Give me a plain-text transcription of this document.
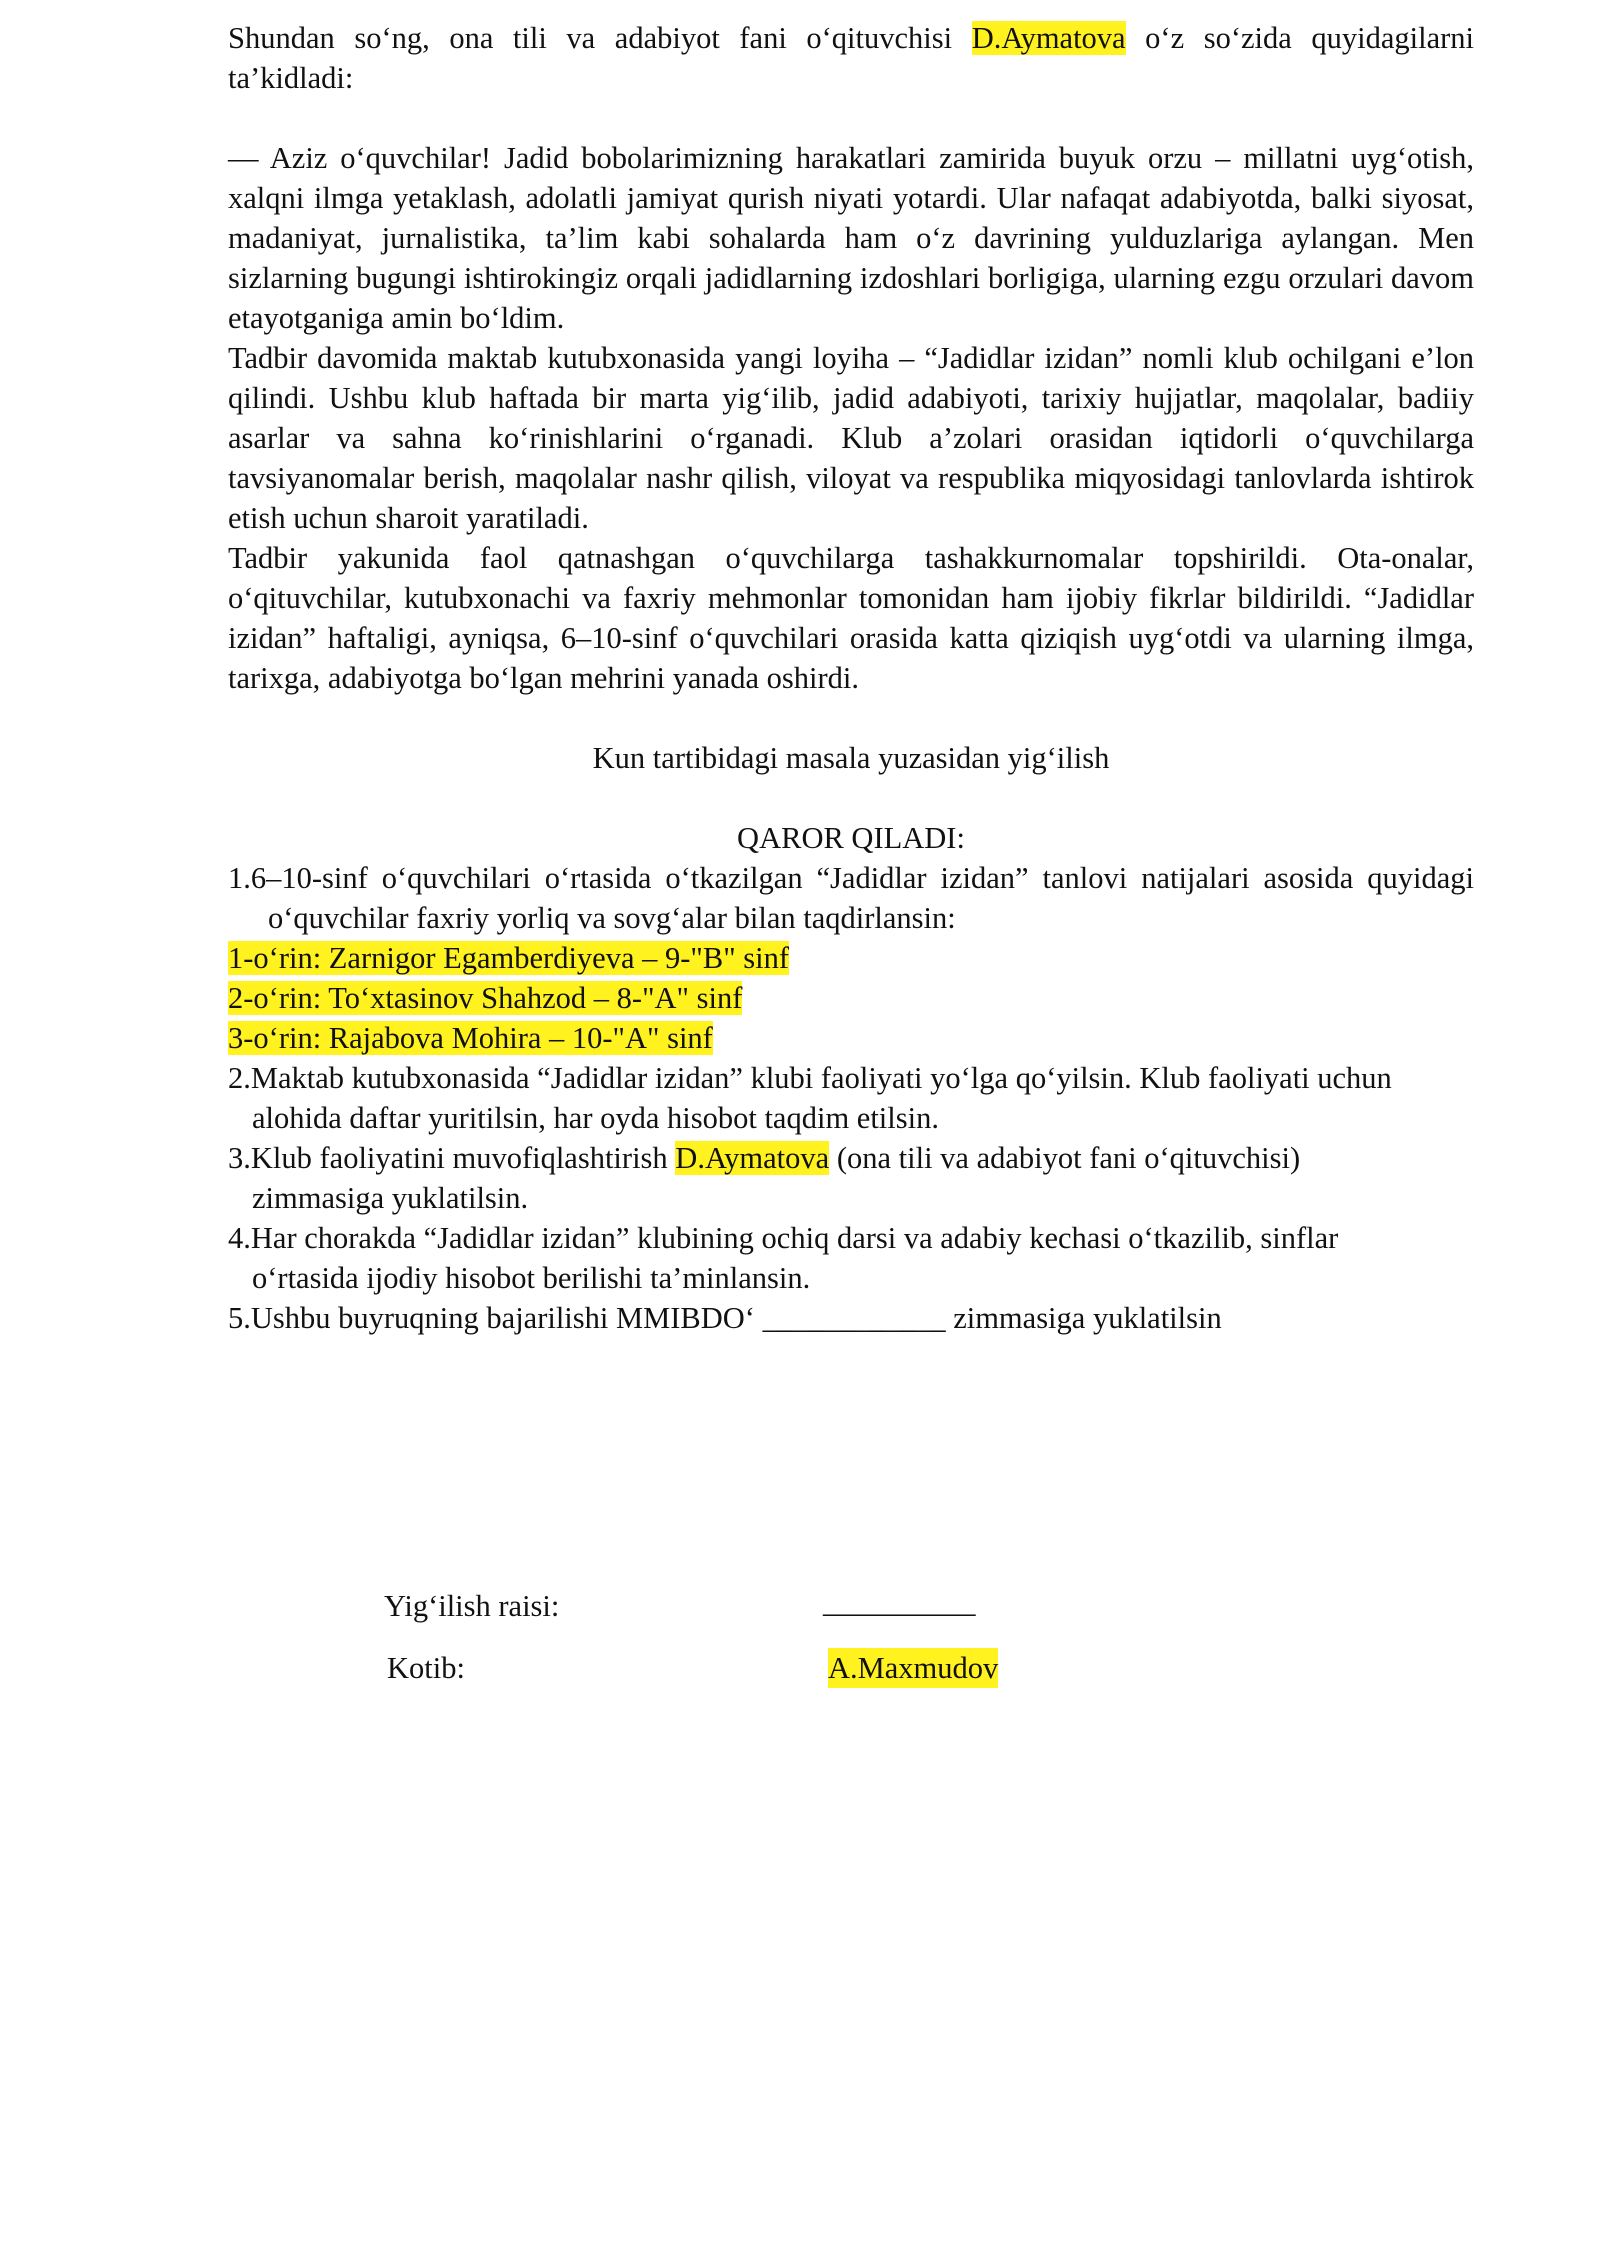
Shundan so‘ng, ona tili va adabiyot fani o‘qituvchisi D.Aymatova o‘z so‘zida quyidagilarni ta’kidladi:

— Aziz o‘quvchilar! Jadid bobolarimizning harakatlari zamirida buyuk orzu – millatni uyg‘otish, xalqni ilmga yetaklash, adolatli jamiyat qurish niyati yotardi. Ular nafaqat adabiyotda, balki siyosat, madaniyat, jurnalistika, ta’lim kabi sohalarda ham o‘z davrining yulduzlariga aylangan. Men sizlarning bugungi ishtirokingiz orqali jadidlarning izdoshlari borligiga, ularning ezgu orzulari davom etayotganiga amin bo‘ldim.

Tadbir davomida maktab kutubxonasida yangi loyiha – “Jadidlar izidan” nomli klub ochilgani e’lon qilindi. Ushbu klub haftada bir marta yig‘ilib, jadid adabiyoti, tarixiy hujjatlar, maqolalar, badiiy asarlar va sahna ko‘rinishlarini o‘rganadi. Klub a’zolari orasidan iqtidorli o‘quvchilarga tavsiyanomalar berish, maqolalar nashr qilish, viloyat va respublika miqyosidagi tanlovlarda ishtirok etish uchun sharoit yaratiladi.

Tadbir yakunida faol qatnashgan o‘quvchilarga tashakkurnomalar topshirildi. Ota-onalar, o‘qituvchilar, kutubxonachi va faxriy mehmonlar tomonidan ham ijobiy fikrlar bildirildi. “Jadidlar izidan” haftaligi, ayniqsa, 6–10-sinf o‘quvchilari orasida katta qiziqish uyg‘otdi va ularning ilmga, tarixga, adabiyotga bo‘lgan mehrini yanada oshirdi.

Kun tartibidagi masala yuzasidan yig‘ilish

QAROR QILADI:

1.6–10-sinf o‘quvchilari o‘rtasida o‘tkazilgan “Jadidlar izidan” tanlovi natijalari asosida quyidagi o‘quvchilar faxriy yorliq va sovg‘alar bilan taqdirlansin:

1-o‘rin: Zarnigor Egamberdiyeva – 9-"B" sinf

2-o‘rin: To‘xtasinov Shahzod – 8-"A" sinf

3-o‘rin: Rajabova Mohira – 10-"A" sinf

2.Maktab kutubxonasida “Jadidlar izidan” klubi faoliyati yo‘lga qo‘yilsin. Klub faoliyati uchun alohida daftar yuritilsin, har oyda hisobot taqdim etilsin.

3.Klub faoliyatini muvofiqlashtirish D.Aymatova (ona tili va adabiyot fani o‘qituvchisi) zimmasiga yuklatilsin.

4.Har chorakda “Jadidlar izidan” klubining ochiq darsi va adabiy kechasi o‘tkazilib, sinflar o‘rtasida ijodiy hisobot berilishi ta’minlansin.

5.Ushbu buyruqning bajarilishi MMIBDO‘ ____________ zimmasiga yuklatilsin

Yig‘ilish raisi:	__________
Kotib:	A.Maxmudov
